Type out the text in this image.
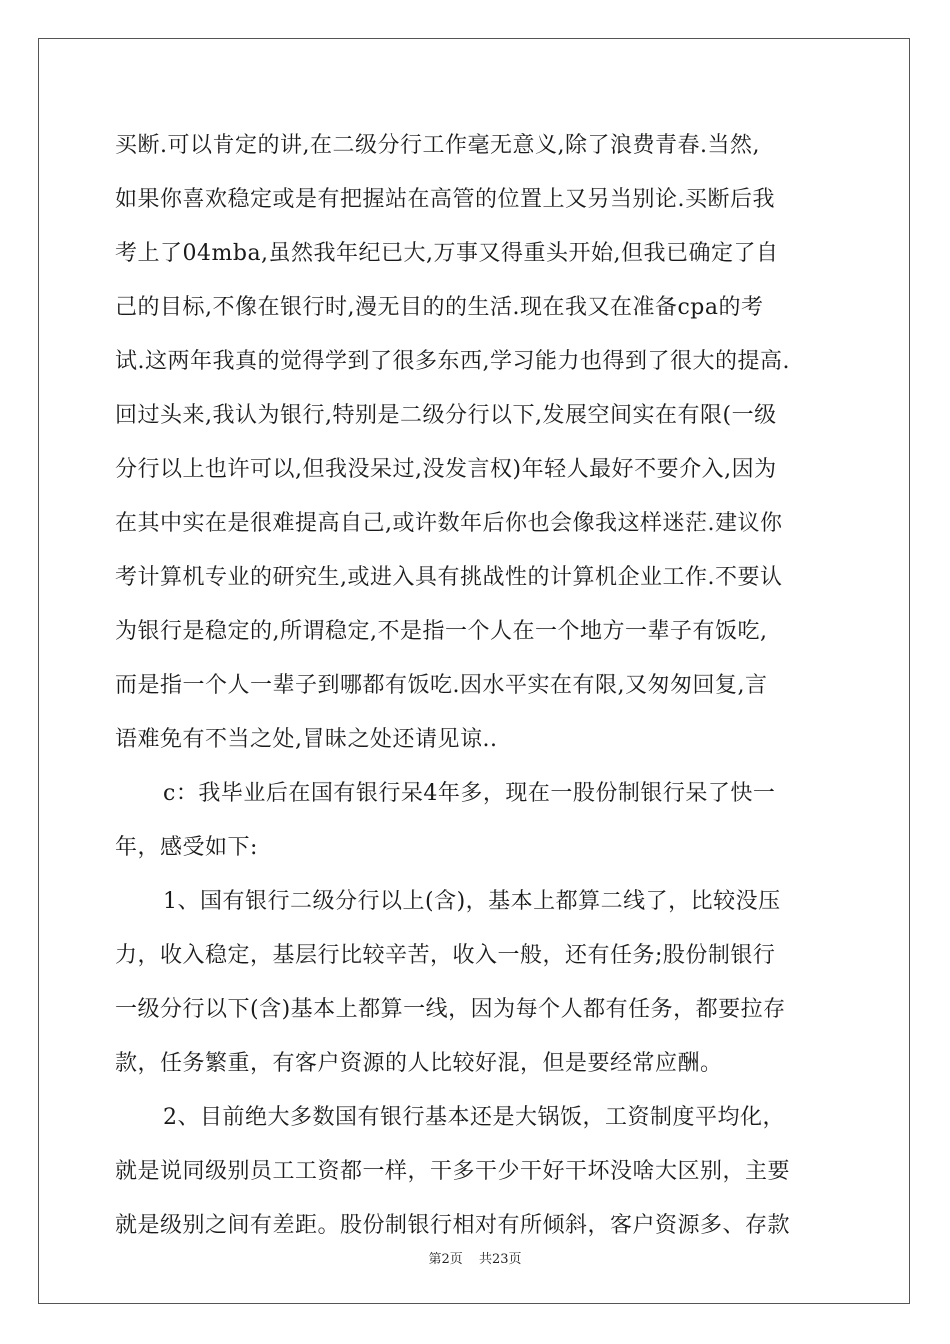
买断.可以肯定的讲,在二级分行工作毫无意义,除了浪费青春.当然,
如果你喜欢稳定或是有把握站在高管的位置上又另当别论.买断后我
考上了04mba,虽然我年纪已大,万事又得重头开始,但我已确定了自
己的目标,不像在银行时,漫无目的的生活.现在我又在准备cpa的考
试.这两年我真的觉得学到了很多东西,学习能力也得到了很大的提高.
回过头来,我认为银行,特别是二级分行以下,发展空间实在有限(一级
分行以上也许可以,但我没呆过,没发言权)年轻人最好不要介入,因为
在其中实在是很难提高自己,或许数年后你也会像我这样迷茫.建议你
考计算机专业的研究生,或进入具有挑战性的计算机企业工作.不要认
为银行是稳定的,所谓稳定,不是指一个人在一个地方一辈子有饭吃,
而是指一个人一辈子到哪都有饭吃.因水平实在有限,又匆匆回复,言
语难免有不当之处,冒昧之处还请见谅..
c：我毕业后在国有银行呆4年多，现在一股份制银行呆了快一
年，感受如下:
1、国有银行二级分行以上(含)，基本上都算二线了，比较没压
力，收入稳定，基层行比较辛苦，收入一般，还有任务;股份制银行
一级分行以下(含)基本上都算一线，因为每个人都有任务，都要拉存
款，任务繁重，有客户资源的人比较好混，但是要经常应酬。
2、目前绝大多数国有银行基本还是大锅饭，工资制度平均化，
就是说同级别员工工资都一样，干多干少干好干坏没啥大区别，主要
就是级别之间有差距。股份制银行相对有所倾斜，客户资源多、存款
第2页 共23页
